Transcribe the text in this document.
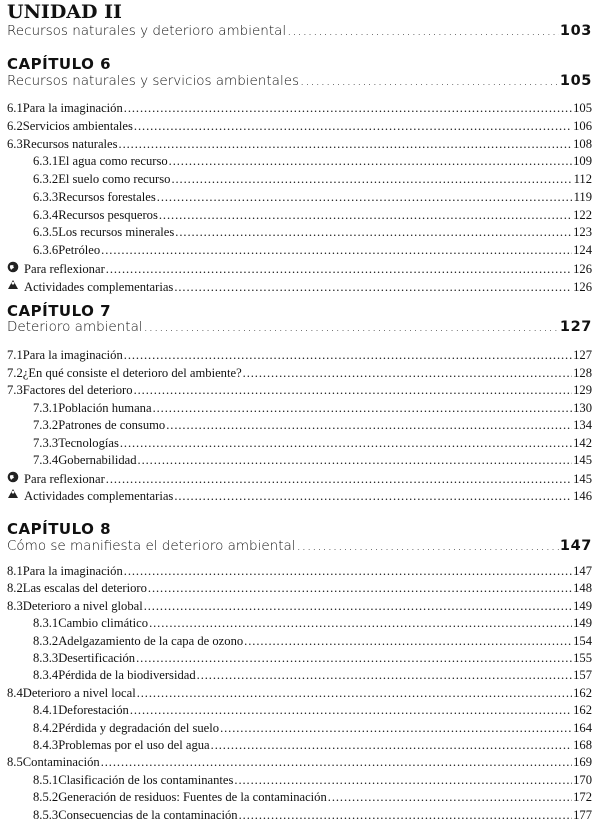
UNIDAD II
Recursos naturales y deterioro ambiental .....	103
CAPÍTULO 6
Recursos naturales y servicios ambientales .....	105
6.1 Para la imaginación .....	105
6.2 Servicios ambientales .....	106
6.3 Recursos naturales .....	108
6.3.1 El agua como recurso .....	109
6.3.2 El suelo como recurso .....	112
6.3.3 Recursos forestales .....	119
6.3.4 Recursos pesqueros .....	122
6.3.5 Los recursos minerales .....	123
6.3.6 Petróleo .....	124
Para reflexionar .....	126
Actividades complementarias .....	126
CAPÍTULO 7
Deterioro ambiental .....	127
7.1 Para la imaginación .....	127
7.2 ¿En qué consiste el deterioro del ambiente? .....	128
7.3 Factores del deterioro .....	129
7.3.1 Población humana .....	130
7.3.2 Patrones de consumo .....	134
7.3.3 Tecnologías .....	142
7.3.4 Gobernabilidad .....	145
Para reflexionar .....	145
Actividades complementarias .....	146
CAPÍTULO 8
Cómo se manifiesta el deterioro ambiental .....	147
8.1 Para la imaginación .....	147
8.2 Las escalas del deterioro .....	148
8.3 Deterioro a nivel global .....	149
8.3.1 Cambio climático .....	149
8.3.2 Adelgazamiento de la capa de ozono .....	154
8.3.3 Desertificación .....	155
8.3.4 Pérdida de la biodiversidad .....	157
8.4 Deterioro a nivel local .....	162
8.4.1 Deforestación .....	162
8.4.2 Pérdida y degradación del suelo .....	164
8.4.3 Problemas por el uso del agua .....	168
8.5 Contaminación .....	169
8.5.1 Clasificación de los contaminantes .....	170
8.5.2 Generación de residuos: Fuentes de la contaminación .....	172
8.5.3 Consecuencias de la contaminación .....	177
